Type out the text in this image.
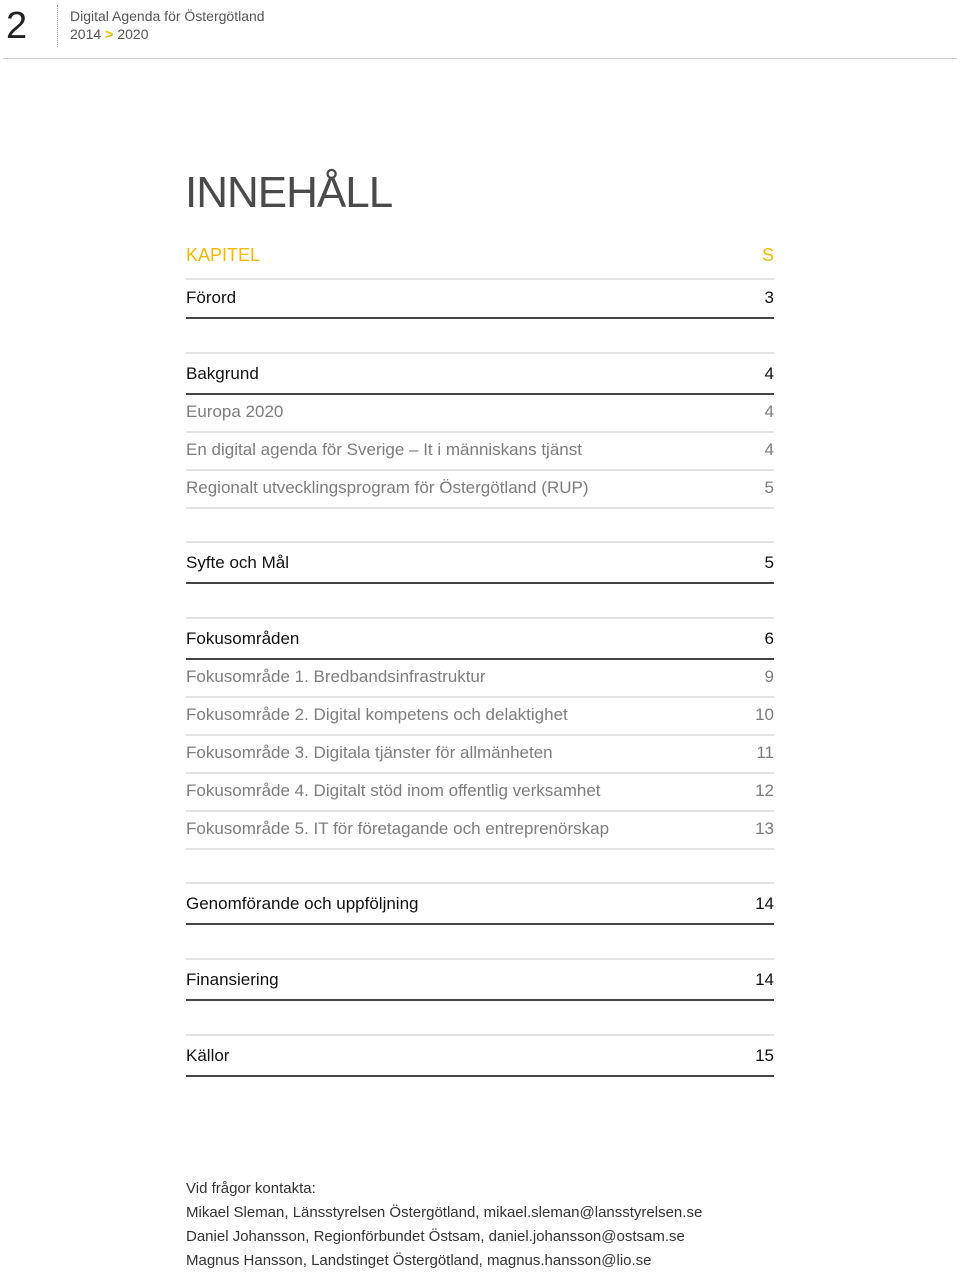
2	Digital Agenda för Östergötland
2014 > 2020
INNEHÅLL
KAPITEL	S
Förord	3
Bakgrund	4
Europa 2020	4
En digital agenda för Sverige – It i människans tjänst	4
Regionalt utvecklingsprogram för Östergötland (RUP)	5
Syfte och Mål	5
Fokusområden	6
Fokusområde 1. Bredbandsinfrastruktur	9
Fokusområde 2. Digital kompetens och delaktighet	10
Fokusområde 3. Digitala tjänster för allmänheten	11
Fokusområde 4. Digitalt stöd inom offentlig verksamhet	12
Fokusområde 5. IT för företagande och entreprenörskap	13
Genomförande och uppföljning	14
Finansiering	14
Källor	15
Vid frågor kontakta:
Mikael Sleman, Länsstyrelsen Östergötland, mikael.sleman@lansstyrelsen.se
Daniel Johansson, Regionförbundet Östsam, daniel.johansson@ostsam.se
Magnus Hansson, Landstinget Östergötland, magnus.hansson@lio.se
